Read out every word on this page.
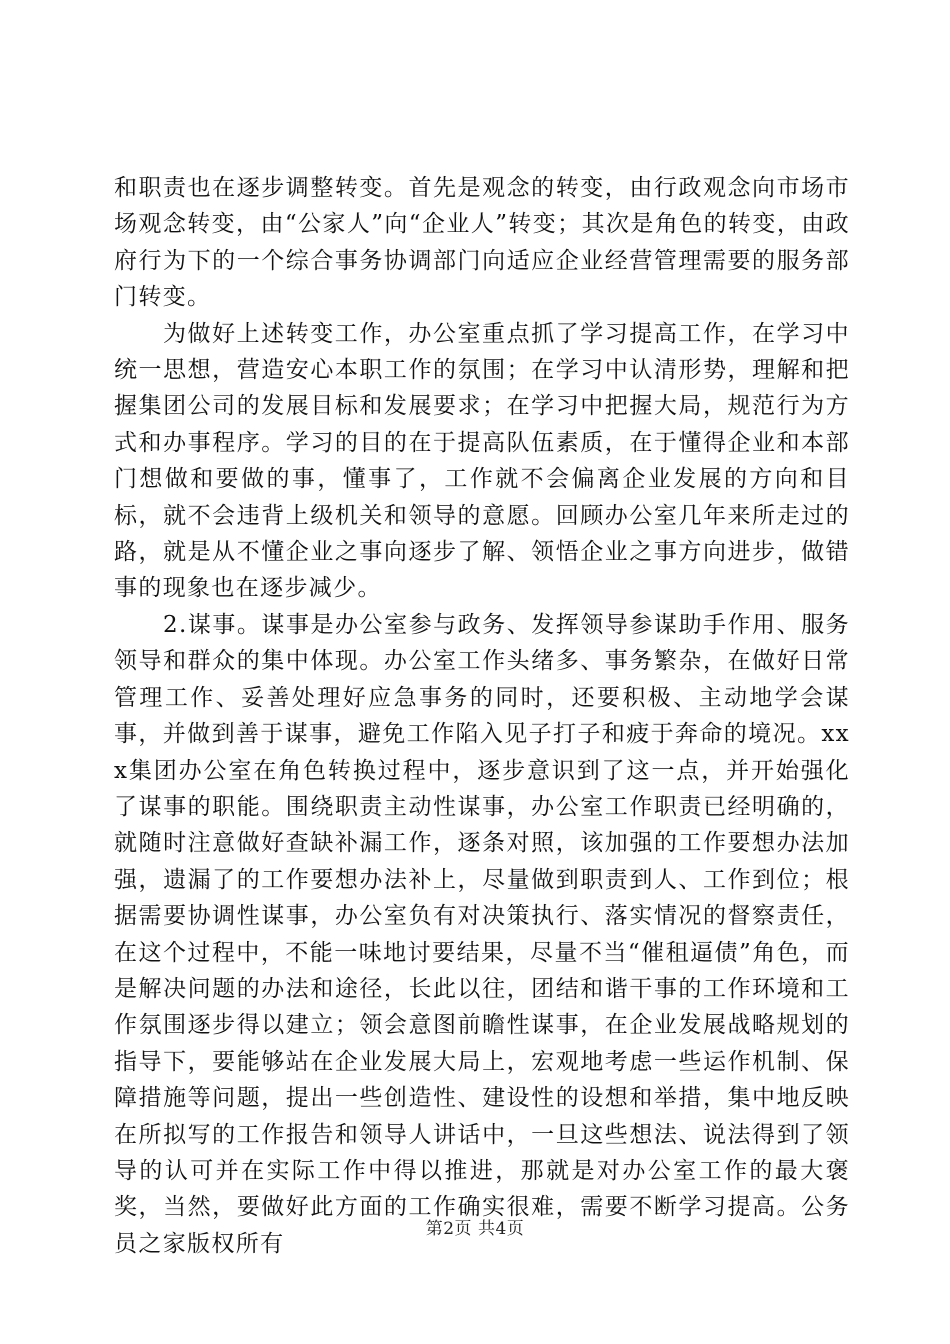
和职责也在逐步调整转变。首先是观念的转变，由行政观念向市场市场观念转变，由“公家人”向“企业人”转变；其次是角色的转变，由政府行为下的一个综合事务协调部门向适应企业经营管理需要的服务部门转变。

为做好上述转变工作，办公室重点抓了学习提高工作，在学习中统一思想，营造安心本职工作的氛围；在学习中认清形势，理解和把握集团公司的发展目标和发展要求；在学习中把握大局，规范行为方式和办事程序。学习的目的在于提高队伍素质，在于懂得企业和本部门想做和要做的事，懂事了，工作就不会偏离企业发展的方向和目标，就不会违背上级机关和领导的意愿。回顾办公室几年来所走过的路，就是从不懂企业之事向逐步了解、领悟企业之事方向进步，做错事的现象也在逐步减少。

2.谋事。谋事是办公室参与政务、发挥领导参谋助手作用、服务领导和群众的集中体现。办公室工作头绪多、事务繁杂，在做好日常管理工作、妥善处理好应急事务的同时，还要积极、主动地学会谋事，并做到善于谋事，避免工作陷入见子打子和疲于奔命的境况。xxx集团办公室在角色转换过程中，逐步意识到了这一点，并开始强化了谋事的职能。围绕职责主动性谋事，办公室工作职责已经明确的，就随时注意做好查缺补漏工作，逐条对照，该加强的工作要想办法加强，遗漏了的工作要想办法补上，尽量做到职责到人、工作到位；根据需要协调性谋事，办公室负有对决策执行、落实情况的督察责任，在这个过程中，不能一味地讨要结果，尽量不当“催租逼债”角色，而是解决问题的办法和途径，长此以往，团结和谐干事的工作环境和工作氛围逐步得以建立；领会意图前瞻性谋事，在企业发展战略规划的指导下，要能够站在企业发展大局上，宏观地考虑一些运作机制、保障措施等问题，提出一些创造性、建设性的设想和举措，集中地反映在所拟写的工作报告和领导人讲话中，一旦这些想法、说法得到了领导的认可并在实际工作中得以推进，那就是对办公室工作的最大褒奖，当然，要做好此方面的工作确实很难，需要不断学习提高。公务员之家版权所有

第2页 共4页
